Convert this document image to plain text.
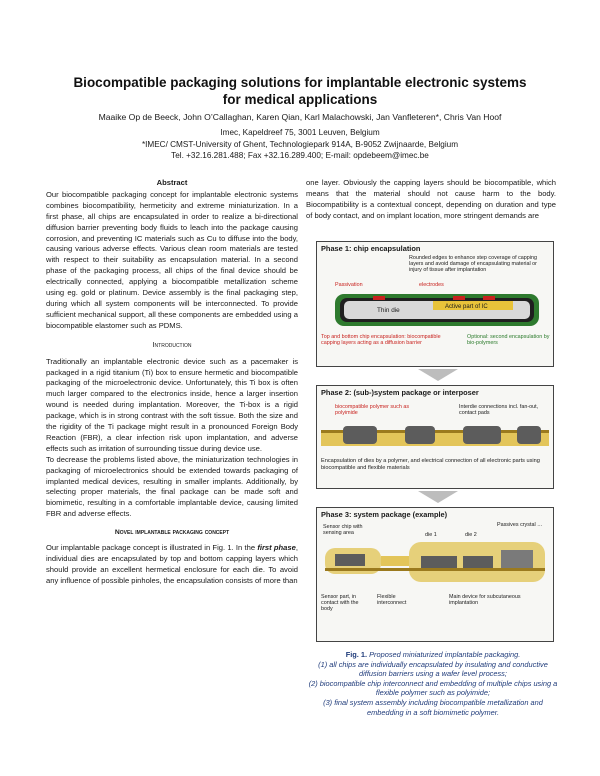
Biocompatible packaging solutions for implantable electronic systems
for medical applications
Maaike Op de Beeck, John O’Callaghan, Karen Qian, Karl Malachowski, Jan Vanfleteren*, Chris Van Hoof
Imec, Kapeldreef 75, 3001 Leuven, Belgium
*IMEC/ CMST-University of Ghent, Technologiepark 914A, B-9052 Zwijnaarde, Belgium
Tel. +32.16.281.488; Fax +32.16.289.400; E-mail: opdebeem@imec.be
Abstract

Our biocompatible packaging concept for implantable electronic systems combines biocompatibility, hermeticity and extreme miniaturization. In a first phase, all chips are encapsulated in order to realize a bi-directional diffusion barrier preventing body fluids to leach into the package causing corrosion, and preventing IC materials such as Cu to diffuse into the body, causing various adverse effects. Various clean room materials are tested with respect to their suitability as encapsulation material. In a second phase of the packaging process, all chips of the final device should be electrically connected, applying a biocompatible metallization scheme using eg. gold or platinum. Device assembly is the final packaging step, during which all system components will be interconnected. To provide sufficient mechanical support, all these components are embedded using a biocompatible elastomer such as PDMS.

Introduction

Traditionally an implantable electronic device such as a pacemaker is packaged in a rigid titanium (Ti) box to ensure hermetic and biocompatible packaging of the microelectronic device. Unfortunately, this Ti box is often much larger compared to the electronics inside, hence a larger insertion wound is needed during implantation. Moreover, the Ti-box is a rigid package, which is in strong contrast with the soft tissue. Both the size and the rigidity of the Ti package might result in a pronounced Foreign Body Reaction (FBR), a clear infection risk upon implantation, and adverse effects such as irritation of surrounding tissue during device use.

To decrease the problems listed above, the miniaturization technologies in packaging of microelectronics should be extended towards packaging of implanted medical devices, resulting in smaller implants. Additionally, by selecting proper materials, the final package can be made soft and biomimetic, resulting in a comfortable implantable device, causing limited FBR and adverse effects.

Novel implantable packaging concept

Our implantable package concept is illustrated in Fig. 1. In the first phase, individual dies are encapsulated by top and bottom capping layers which should provide an excellent hermetical enclosure for each die. To avoid any influence of possible pinholes, the encapsulation consists of more than

one layer. Obviously the capping layers should be biocompatible, which means that the material should not cause harm to the body. Biocompatibility is a contextual concept, depending on duration and type of body contact, and on implant location, more stringent demands are
Phase 1: chip encapsulation
Rounded edges to enhance step coverage of capping layers and avoid damage of encapsulating material or injury of tissue after implantation
Passivation	electrodes
Thin die	Active part of IC
Top and bottom chip encapsulation: biocompatible capping layers acting as a diffusion barrier
Optional: second encapsulation by bio-polymers
Phase 2: (sub-)system package or interposer
biocompatible polymer such as polyimide
Interdie connections incl. fan-out, contact pads
Encapsulation of dies by a polymer, and electrical connection of all electronic parts using biocompatible and flexible materials
Phase 3: system package (example)
Sensor chip with sensing area	die 1	die 2
Passives crystal …
Sensor part, in contact with the body
Flexible interconnect
Main device for subcutaneous implantation
Fig. 1. Proposed miniaturized implantable packaging.
(1) all chips are individually encapsulated by insulating and conductive diffusion barriers using a wafer level process;
(2) biocompatible chip interconnect and embedding of multiple chips using a flexible polymer such as polyimide;
(3) final system assembly including biocompatible metallization and embedding in a soft biomimetic polymer.
